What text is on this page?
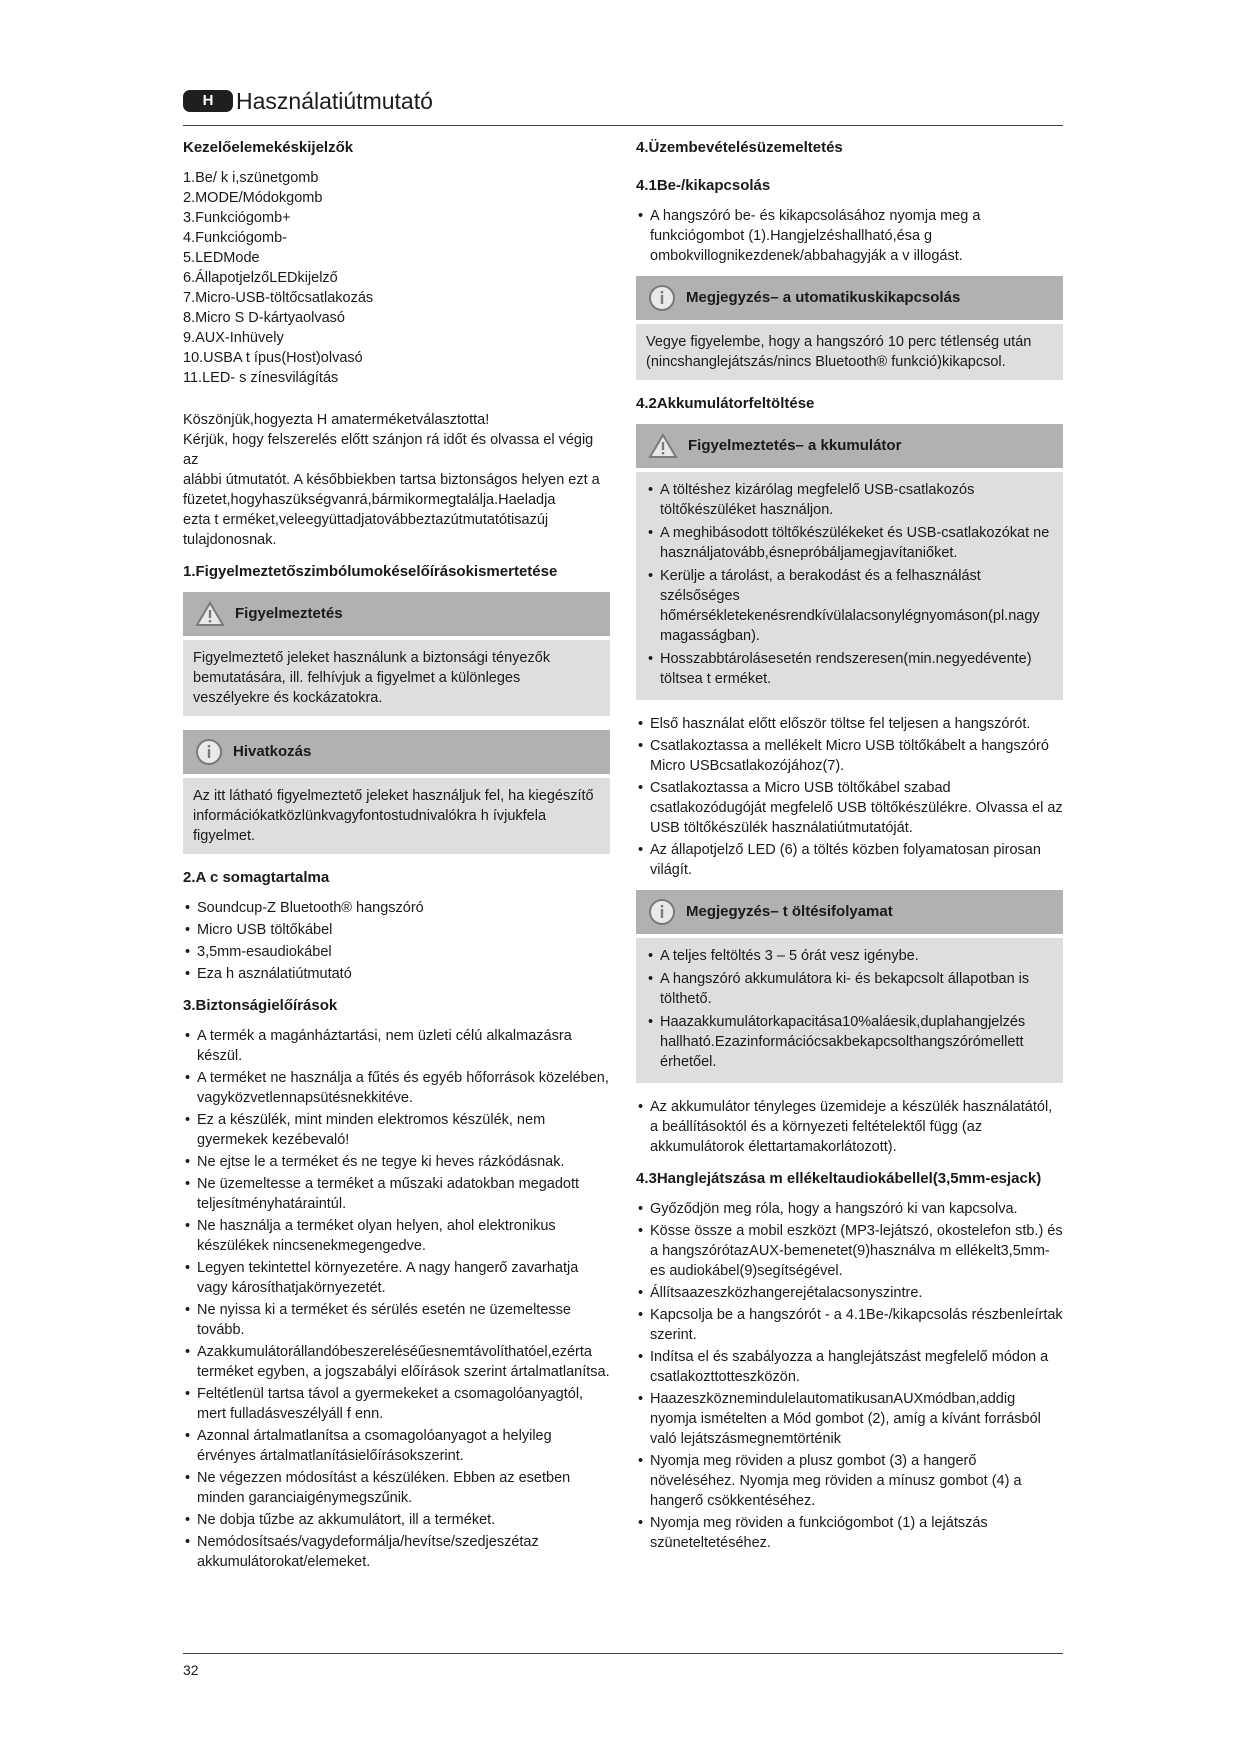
H Használatiútmutató
Kezelőelemekéskijelzők
1.Be/ k i,szünetgomb
2.MODE/Módokgomb
3.Funkciógomb+
4.Funkciógomb-
5.LEDMode
6.ÁllapotjelzőLEDkijelző
7.Micro-USB-töltőcsatlakozás
8.Micro S D-kártyaolvasó
9.AUX-Inhüvely
10.USBA t ípus(Host)olvasó
11.LED- s zínesvilágítás
Köszönjük,hogyezta H amaterméketválasztotta!
Kérjük, hogy felszerelés előtt szánjon rá időt és olvassa el végig az
alábbi útmutatót. A későbbiekben tartsa biztonságos helyen ezt a
füzetet,hogyhaszükségvanrá,bármikormegtalálja.Haeladja
ezta t erméket,veleegyüttadjatovábbeztazútmutatótisazúj
tulajdonosnak.
1.Figyelmeztetőszimbólumokéselőírásokismertetése
Figyelmeztetés
Figyelmeztető jeleket használunk a biztonsági tényezők bemutatására, ill. felhívjuk a figyelmet a különleges veszélyekre és kockázatokra.
Hivatkozás
Az itt látható figyelmeztető jeleket használjuk fel, ha kiegészítő információkatközlünkvagyfontostudnivalókra h ívjukfela figyelmet.
2.A c somagtartalma
• Soundcup-Z Bluetooth® hangszóró
• Micro USB töltőkábel
• 3,5mm-esaudiokábel
• Eza h asználatiútmutató
3.Biztonságielőírások
• A termék a magánháztartási, nem üzleti célú alkalmazásra készül.
• A terméket ne használja a fűtés és egyéb hőforrások közelében, vagyközvetlennapsütésnekkitéve.
• Ez a készülék, mint minden elektromos készülék, nem gyermekek kezébevaló!
• Ne ejtse le a terméket és ne tegye ki heves rázkódásnak.
• Ne üzemeltesse a terméket a műszaki adatokban megadott teljesítményhatáraintúl.
• Ne használja a terméket olyan helyen, ahol elektronikus készülékek nincsenekmegengedve.
• Legyen tekintettel környezetére. A nagy hangerő zavarhatja vagy károsíthatjakörnyezetét.
• Ne nyissa ki a terméket és sérülés esetén ne üzemeltesse tovább.
• Azakkumulátorállandóbeszereléséűesnemtávolíthatóel,ezérta terméket egyben, a jogszabályi előírások szerint ártalmatlanítsa.
• Feltétlenül tartsa távol a gyermekeket a csomagolóanyagtól, mert fulladásveszélyáll f enn.
• Azonnal ártalmatlanítsa a csomagolóanyagot a helyileg érvényes ártalmatlanításielőírásokszerint.
• Ne végezzen módosítást a készüléken. Ebben az esetben minden garanciaigénymegszűnik.
• Ne dobja tűzbe az akkumulátort, ill a terméket.
• Nemódosítsaés/vagydeformálja/hevítse/szedjeszétaz akkumulátorokat/elemeket.
4.Üzembevételésüzemeltetés
4.1Be-/kikapcsolás
• A hangszóró be- és kikapcsolásához nyomja meg a funkciógombot (1).Hangjelzéshallható,ésa g ombokvillognikezdenek/abbahagyják a v illogást.
Megjegyzés– a utomatikuskikapcsolás
Vegye figyelembe, hogy a hangszóró 10 perc tétlenség után (nincshanglejátszás/nincs Bluetooth® funkció)kikapcsol.
4.2Akkumulátorfeltöltése
Figyelmeztetés– a kkumulátor
• A töltéshez kizárólag megfelelő USB-csatlakozós töltőkészüléket használjon.
• A meghibásodott töltőkészülékeket és USB-csatlakozókat ne használjatovább,ésnepróbáljamegjavítaniőket.
• Kerülje a tárolást, a berakodást és a felhasználást szélsőséges hőmérsékletekenésrendkívülalacsonylégnyomáson(pl.nagy magasságban).
• Hosszabbtárolásesetén rendszeresen(min.negyedévente) töltsea t erméket.
• Első használat előtt először töltse fel teljesen a hangszórót.
• Csatlakoztassa a mellékelt Micro USB töltőkábelt a hangszóró Micro USBcsatlakozójához(7).
• Csatlakoztassa a Micro USB töltőkábel szabad csatlakozódugóját megfelelő USB töltőkészülékre. Olvassa el az USB töltőkészülék használatiútmutatóját.
• Az állapotjelző LED (6) a töltés közben folyamatosan pirosan világít.
Megjegyzés– t öltésifolyamat
• A teljes feltöltés 3 – 5 órát vesz igénybe.
• A hangszóró akkumulátora ki- és bekapcsolt állapotban is tölthető.
• Haazakkumulátorkapacitása10%aláesik,duplahangjelzés hallható.Ezazinformációcsakbekapcsolthangszórómellett érhetőel.
• Az akkumulátor tényleges üzemideje a készülék használatától, a beállításoktól és a környezeti feltételektől függ (az akkumulátorok élettartamakorlátozott).
4.3Hanglejátszása m ellékeltaudiokábellel(3,5mm-esjack)
• Győződjön meg róla, hogy a hangszóró ki van kapcsolva.
• Kösse össze a mobil eszközt (MP3-lejátszó, okostelefon stb.) és a hangszórótazAUX-bemenetet(9)használva m ellékelt3,5mm-es audiokábel(9)segítségével.
• Állítsaazeszközhangerejétalacsonyszintre.
• Kapcsolja be a hangszórót - a 4.1Be-/kikapcsolás részbenleírtak szerint.
• Indítsa el és szabályozza a hanglejátszást megfelelő módon a csatlakozttotteszközön.
• HaazeszköznemindulelautomatikusanAUXmódban,addig nyomja ismételten a Mód gombot (2), amíg a kívánt forrásból való lejátszásmegnemtörténik
• Nyomja meg röviden a plusz gombot (3) a hangerő növeléséhez. Nyomja meg röviden a mínusz gombot (4) a hangerő csökkentéséhez.
• Nyomja meg röviden a funkciógombot (1) a lejátszás szüneteltetéséhez.
32
